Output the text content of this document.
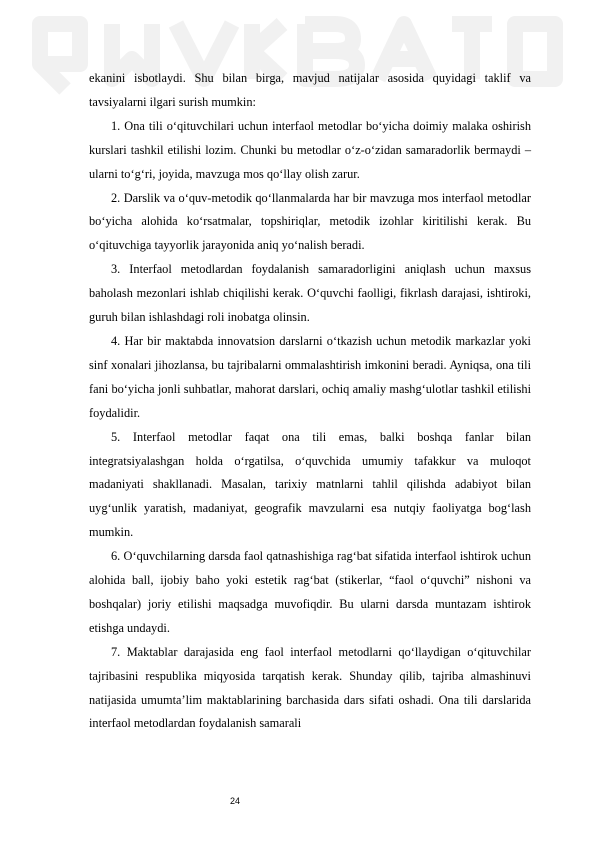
ekanini isbotlaydi. Shu bilan birga, mavjud natijalar asosida quyidagi taklif va tavsiyalarni ilgari surish mumkin:

1. Ona tili o‘qituvchilari uchun interfaol metodlar bo‘yicha doimiy malaka oshirish kurslari tashkil etilishi lozim. Chunki bu metodlar o‘z-o‘zidan samaradorlik bermaydi – ularni to‘g‘ri, joyida, mavzuga mos qo‘llay olish zarur.

2. Darslik va o‘quv-metodik qo‘llanmalarda har bir mavzuga mos interfaol metodlar bo‘yicha alohida ko‘rsatmalar, topshiriqlar, metodik izohlar kiritilishi kerak. Bu o‘qituvchiga tayyorlik jarayonida aniq yo‘nalish beradi.

3. Interfaol metodlardan foydalanish samaradorligini aniqlash uchun maxsus baholash mezonlari ishlab chiqilishi kerak. O‘quvchi faolligi, fikrlash darajasi, ishtiroki, guruh bilan ishlashdagi roli inobatga olinsin.

4. Har bir maktabda innovatsion darslarni o‘tkazish uchun metodik markazlar yoki sinf xonalari jihozlansa, bu tajribalarni ommalashtirish imkonini beradi. Ayniqsa, ona tili fani bo‘yicha jonli suhbatlar, mahorat darslari, ochiq amaliy mashg‘ulotlar tashkil etilishi foydalidir.

5. Interfaol metodlar faqat ona tili emas, balki boshqa fanlar bilan integratsiyalashgan holda o‘rgatilsa, o‘quvchida umumiy tafakkur va muloqot madaniyati shakllanadi. Masalan, tarixiy matnlarni tahlil qilishda adabiyot bilan uyg‘unlik yaratish, madaniyat, geografik mavzularni esa nutqiy faoliyatga bog‘lash mumkin.

6. O‘quvchilarning darsda faol qatnashishiga rag‘bat sifatida interfaol ishtirok uchun alohida ball, ijobiy baho yoki estetik rag‘bat (stikerlar, “faol o‘quvchi” nishoni va boshqalar) joriy etilishi maqsadga muvofiqdir. Bu ularni darsda muntazam ishtirok etishga undaydi.

7. Maktablar darajasida eng faol interfaol metodlarni qo‘llaydigan o‘qituvchilar tajribasini respublika miqyosida tarqatish kerak. Shunday qilib, tajriba almashinuvi natijasida umumta’lim maktablarining barchasida dars sifati oshadi. Ona tili darslarida interfaol metodlardan foydalanish samarali

24
